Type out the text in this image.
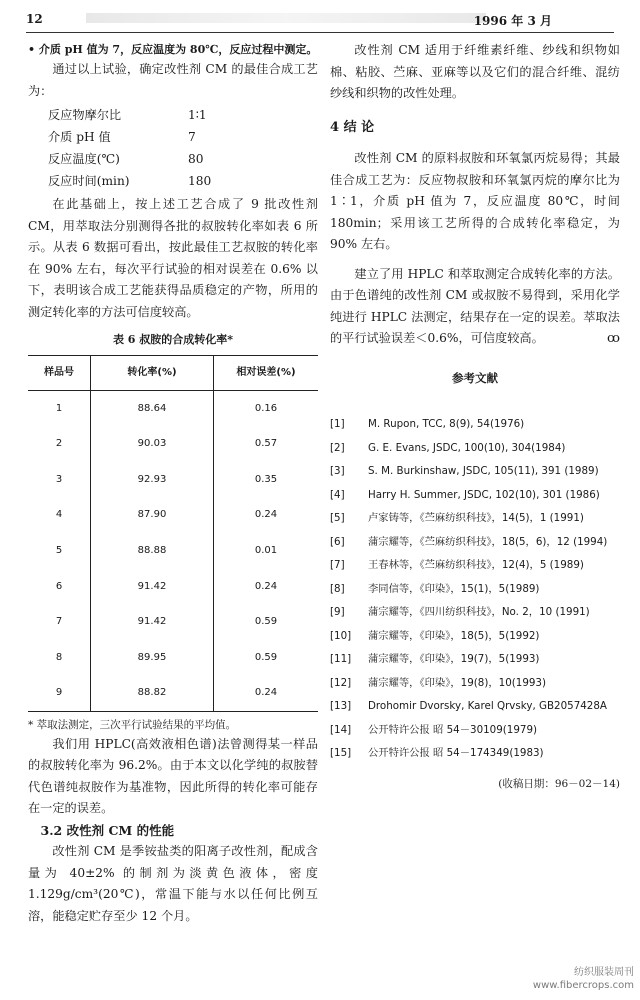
12	1996 年 3 月

• 介质 pH 值为 7，反应温度为 80℃，反应过程中测定。

通过以上试验，确定改性剂 CM 的最佳合成工艺为：

反应物摩尔比	1∶1
介质 pH 值	7
反应温度(℃)	80
反应时间(min)	180

在此基础上，按上述工艺合成了 9 批改性剂 CM，用萃取法分别测得各批的叔胺转化率如表 6 所示。从表 6 数据可看出，按此最佳工艺叔胺的转化率在 90% 左右，每次平行试验的相对误差在 0.6% 以下，表明该合成工艺能获得品质稳定的产物，所用的测定转化率的方法可信度较高。

表 6 叔胺的合成转化率*
样品号	转化率(%)	相对误差(%)
1	88.64	0.16
2	90.03	0.57
3	92.93	0.35
4	87.90	0.24
5	88.88	0.01
6	91.42	0.24
7	91.42	0.59
8	89.95	0.59
9	88.82	0.24
* 萃取法测定，三次平行试验结果的平均值。

我们用 HPLC(高效液相色谱)法曾测得某一样品的叔胺转化率为 96.2%。由于本文以化学纯的叔胺替代色谱纯叔胺作为基准物，因此所得的转化率可能存在一定的误差。

3.2 改性剂 CM 的性能

改性剂 CM 是季铵盐类的阳离子改性剂，配成含量为 40±2% 的制剂为淡黄色液体，密度 1.129g/cm³(20℃)，常温下能与水以任何比例互溶，能稳定贮存至少 12 个月。

改性剂 CM 适用于纤维素纤维、纱线和织物如棉、粘胶、苎麻、亚麻等以及它们的混合纤维、混纺纱线和织物的改性处理。

4 结 论

改性剂 CM 的原料叔胺和环氧氯丙烷易得；其最佳合成工艺为：反应物叔胺和环氧氯丙烷的摩尔比为 1∶1，介质 pH 值为 7，反应温度 80℃，时间 180min；采用该工艺所得的合成转化率稳定，为 90% 左右。

建立了用 HPLC 和萃取测定合成转化率的方法。由于色谱纯的改性剂 CM 或叔胺不易得到，采用化学纯进行 HPLC 法测定，结果存在一定的误差。萃取法的平行试验误差＜0.6%，可信度较高。	ꝏ

参考文献
[1]	M. Rupon, TCC, 8(9), 54(1976)
[2]	G. E. Evans, JSDC, 100(10), 304(1984)
[3]	S. M. Burkinshaw, JSDC, 105(11), 391 (1989)
[4]	Harry H. Summer, JSDC, 102(10), 301 (1986)
[5]	卢家铸等，《苎麻纺织科技》，14(5)，1 (1991)
[6]	蒲宗耀等，《苎麻纺织科技》，18(5，6)，12 (1994)
[7]	王春林等，《苎麻纺织科技》，12(4)，5 (1989)
[8]	李同信等，《印染》，15(1)，5(1989)
[9]	蒲宗耀等，《四川纺织科技》，No. 2，10 (1991)
[10]	蒲宗耀等，《印染》，18(5)，5(1992)
[11]	蒲宗耀等，《印染》，19(7)，5(1993)
[12]	蒲宗耀等，《印染》，19(8)，10(1993)
[13]	Drohomir Dvorsky, Karel Qrvsky, GB2057428A
[14]	公开特许公报 昭 54－30109(1979)
[15]	公开特许公报 昭 54－174349(1983)
(收稿日期：96－02－14)
纺织服装周刊
www.fibercrops.com
